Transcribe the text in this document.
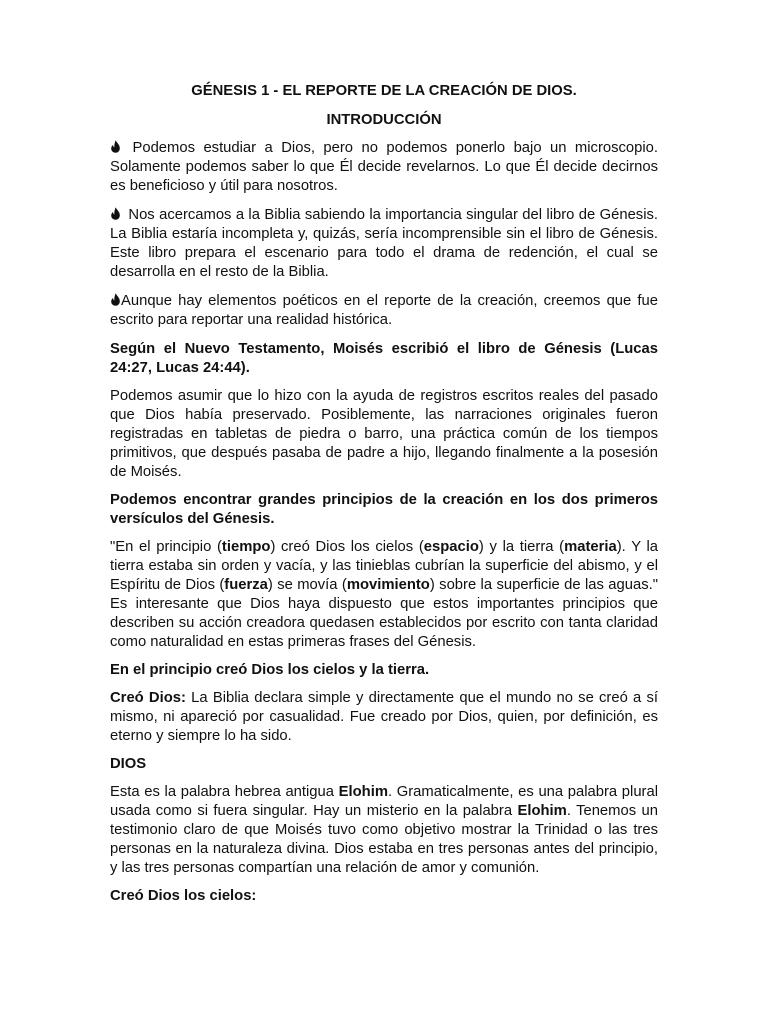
GÉNESIS 1 - EL REPORTE DE LA CREACIÓN DE DIOS.

INTRODUCCIÓN

Podemos estudiar a Dios, pero no podemos ponerlo bajo un microscopio. Solamente podemos saber lo que Él decide revelarnos. Lo que Él decide decirnos es beneficioso y útil para nosotros.

Nos acercamos a la Biblia sabiendo la importancia singular del libro de Génesis. La Biblia estaría incompleta y, quizás, sería incomprensible sin el libro de Génesis. Este libro prepara el escenario para todo el drama de redención, el cual se desarrolla en el resto de la Biblia.

Aunque hay elementos poéticos en el reporte de la creación, creemos que fue escrito para reportar una realidad histórica.

Según el Nuevo Testamento, Moisés escribió el libro de Génesis (Lucas 24:27, Lucas 24:44).

Podemos asumir que lo hizo con la ayuda de registros escritos reales del pasado que Dios había preservado. Posiblemente, las narraciones originales fueron registradas en tabletas de piedra o barro, una práctica común de los tiempos primitivos, que después pasaba de padre a hijo, llegando finalmente a la posesión de Moisés.

Podemos encontrar grandes principios de la creación en los dos primeros versículos del Génesis.

"En el principio (tiempo) creó Dios los cielos (espacio) y la tierra (materia). Y la tierra estaba sin orden y vacía, y las tinieblas cubrían la superficie del abismo, y el Espíritu de Dios (fuerza) se movía (movimiento) sobre la superficie de las aguas." Es interesante que Dios haya dispuesto que estos importantes principios que describen su acción creadora quedasen establecidos por escrito con tanta claridad como naturalidad en estas primeras frases del Génesis.

En el principio creó Dios los cielos y la tierra.

Creó Dios: La Biblia declara simple y directamente que el mundo no se creó a sí mismo, ni apareció por casualidad. Fue creado por Dios, quien, por definición, es eterno y siempre lo ha sido.

DIOS

Esta es la palabra hebrea antigua Elohim. Gramaticalmente, es una palabra plural usada como si fuera singular. Hay un misterio en la palabra Elohim. Tenemos un testimonio claro de que Moisés tuvo como objetivo mostrar la Trinidad o las tres personas en la naturaleza divina. Dios estaba en tres personas antes del principio, y las tres personas compartían una relación de amor y comunión.

Creó Dios los cielos:
